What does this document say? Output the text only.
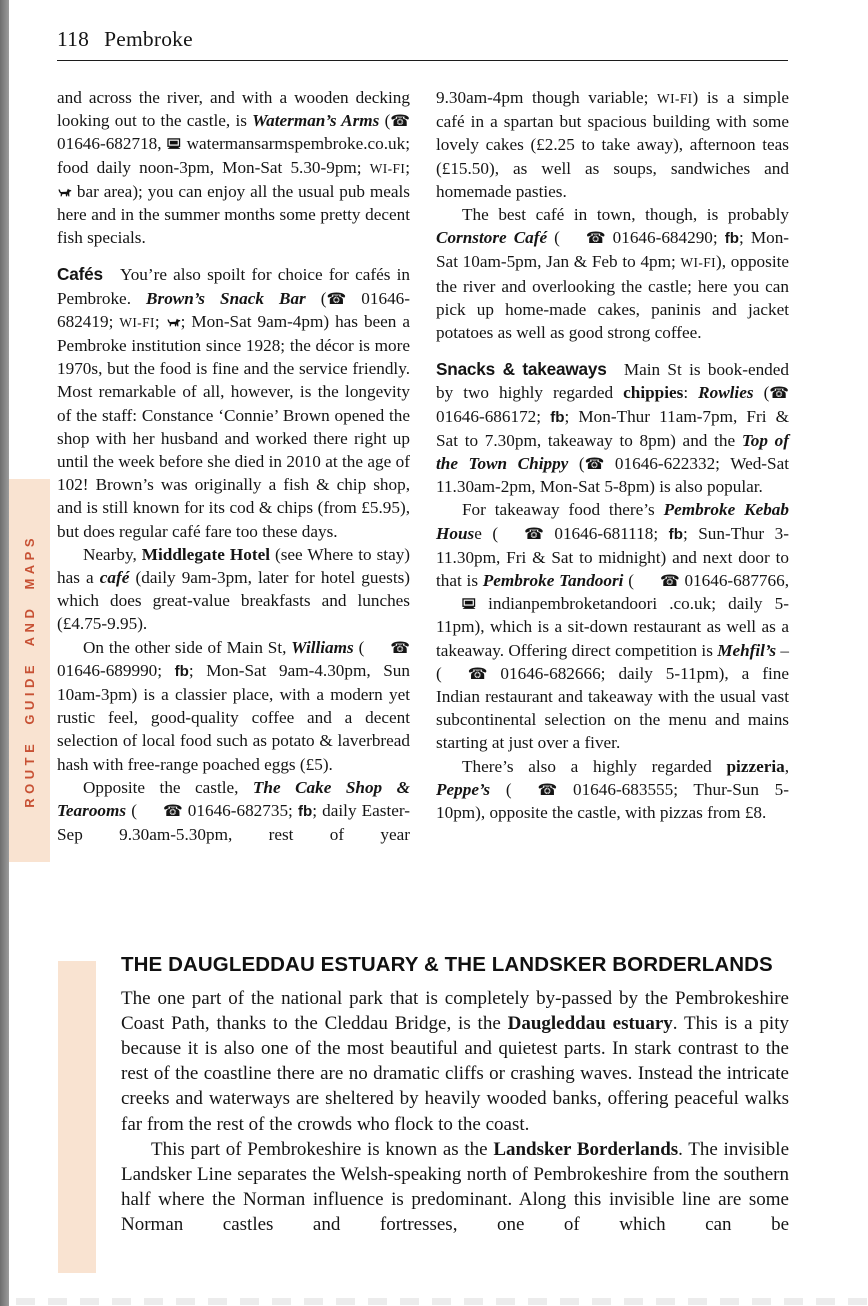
118 Pembroke
ROUTE GUIDE AND MAPS

and across the river, and with a wooden decking looking out to the castle, is Waterman’s Arms (☎ 01646-682718,  watermansarmspembroke.co.uk; food daily noon-3pm, Mon-Sat 5.30-9pm; WI-FI;  bar area); you can enjoy all the usual pub meals here and in the summer months some pretty decent fish specials.

Cafés You’re also spoilt for choice for cafés in Pembroke. Brown’s Snack Bar (☎ 01646-682419; WI-FI; ; Mon-Sat 9am-4pm) has been a Pembroke institution since 1928; the décor is more 1970s, but the food is fine and the service friendly. Most remarkable of all, however, is the longevity of the staff: Constance ‘Connie’ Brown opened the shop with her husband and worked there right up until the week before she died in 2010 at the age of 102! Brown’s was originally a fish & chip shop, and is still known for its cod & chips (from £5.95), but does regular café fare too these days.

Nearby, Middlegate Hotel (see Where to stay) has a café (daily 9am-3pm, later for hotel guests) which does great-value breakfasts and lunches (£4.75-9.95).

On the other side of Main St, Williams ( ☎ 01646-689990; fb; Mon-Sat 9am-4.30pm, Sun 10am-3pm) is a classier place, with a modern yet rustic feel, good-quality coffee and a decent selection of local food such as potato & laverbread hash with free-range poached eggs (£5).

Opposite the castle, The Cake Shop & Tearooms ( ☎ 01646-682735; fb; daily Easter-Sep 9.30am-5.30pm, rest of year

9.30am-4pm though variable; WI-FI) is a simple café in a spartan but spacious building with some lovely cakes (£2.25 to take away), afternoon teas (£15.50), as well as soups, sandwiches and homemade pasties.

The best café in town, though, is probably Cornstore Café ( ☎ 01646-684290; fb; Mon-Sat 10am-5pm, Jan & Feb to 4pm; WI-FI), opposite the river and overlooking the castle; here you can pick up home-made cakes, paninis and jacket potatoes as well as good strong coffee.

Snacks & takeaways Main St is book-ended by two highly regarded chippies: Rowlies (☎ 01646-686172; fb; Mon-Thur 11am-7pm, Fri & Sat to 7.30pm, takeaway to 8pm) and the Top of the Town Chippy (☎ 01646-622332; Wed-Sat 11.30am-2pm, Mon-Sat 5-8pm) is also popular.

For takeaway food there’s Pembroke Kebab House ( ☎ 01646-681118; fb; Sun-Thur 3-11.30pm, Fri & Sat to midnight) and next door to that is Pembroke Tandoori ( ☎ 01646-687766,  indianpembroketandoori .co.uk; daily 5-11pm), which is a sit-down restaurant as well as a takeaway. Offering direct competition is Mehfil’s – ( ☎ 01646-682666; daily 5-11pm), a fine Indian restaurant and takeaway with the usual vast subcontinental selection on the menu and mains starting at just over a fiver.

There’s also a highly regarded pizzeria, Peppe’s ( ☎ 01646-683555; Thur-Sun 5-10pm), opposite the castle, with pizzas from £8.

THE DAUGLEDDAU ESTUARY & THE LANDSKER BORDERLANDS

The one part of the national park that is completely by-passed by the Pembrokeshire Coast Path, thanks to the Cleddau Bridge, is the Daugleddau estuary. This is a pity because it is also one of the most beautiful and quietest parts. In stark contrast to the rest of the coastline there are no dramatic cliffs or crashing waves. Instead the intricate creeks and waterways are sheltered by heavily wooded banks, offering peaceful walks far from the rest of the crowds who flock to the coast.

This part of Pembrokeshire is known as the Landsker Borderlands. The invisible Landsker Line separates the Welsh-speaking north of Pembrokeshire from the southern half where the Norman influence is predominant. Along this invisible line are some Norman castles and fortresses, one of which can be
